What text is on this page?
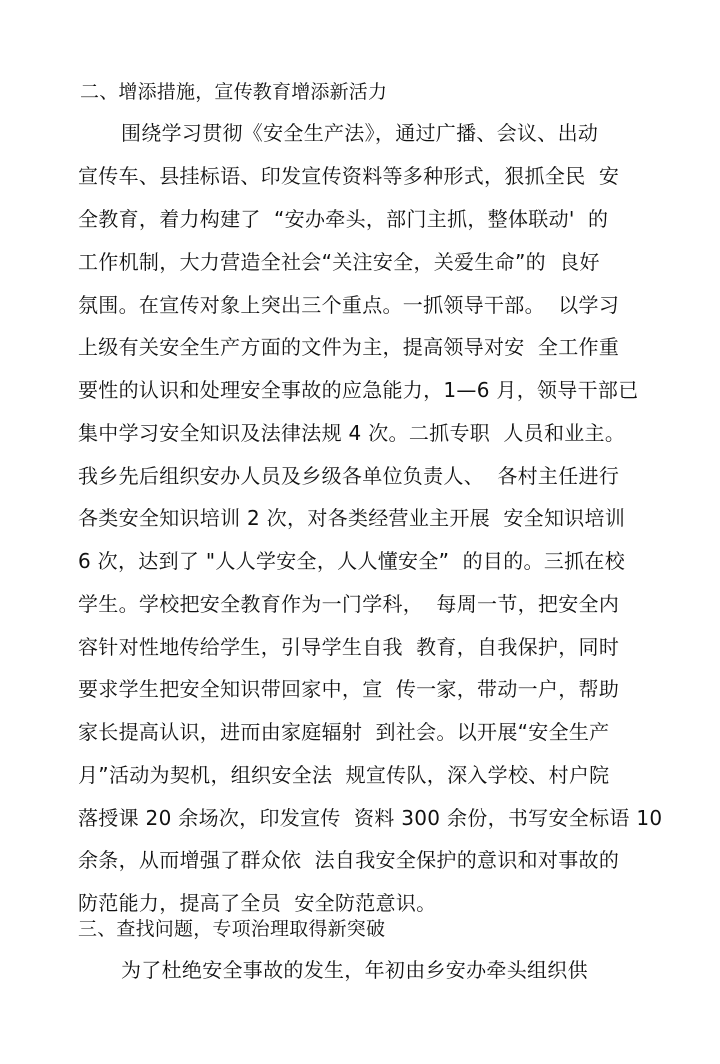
二、增添措施，宣传教育增添新活力
围绕学习贯彻《安全生产法》，通过广播、会议、出动
宣传车、县挂标语、印发宣传资料等多种形式，狠抓全民  安
全教育，着力构建了  “安办牵头，部门主抓，整体联动'  的
工作机制，大力营造全社会“关注安全，关爱生命”的  良好
氛围。在宣传对象上突出三个重点。一抓领导干部。  以学习
上级有关安全生产方面的文件为主，提高领导对安  全工作重
要性的认识和处理安全事故的应急能力，1—6 月，领导干部已
集中学习安全知识及法律法规 4 次。二抓专职  人员和业主。
我乡先后组织安办人员及乡级各单位负责人、  各村主任进行
各类安全知识培训 2 次，对各类经营业主开展  安全知识培训
6 次，达到了 "人人学安全，人人懂安全”  的目的。三抓在校
学生。学校把安全教育作为一门学科，  每周一节，把安全内
容针对性地传给学生，引导学生自我  教育，自我保护，同时
要求学生把安全知识带回家中，宣  传一家，带动一户，帮助
家长提高认识，进而由家庭辐射  到社会。以开展“安全生产
月”活动为契机，组织安全法  规宣传队，深入学校、村户院
落授课 20 余场次，印发宣传  资料 300 余份，书写安全标语 10
余条，从而增强了群众依  法自我安全保护的意识和对事故的
防范能力，提高了全员  安全防范意识。
三、查找问题，专项治理取得新突破
为了杜绝安全事故的发生，年初由乡安办牵头组织供
